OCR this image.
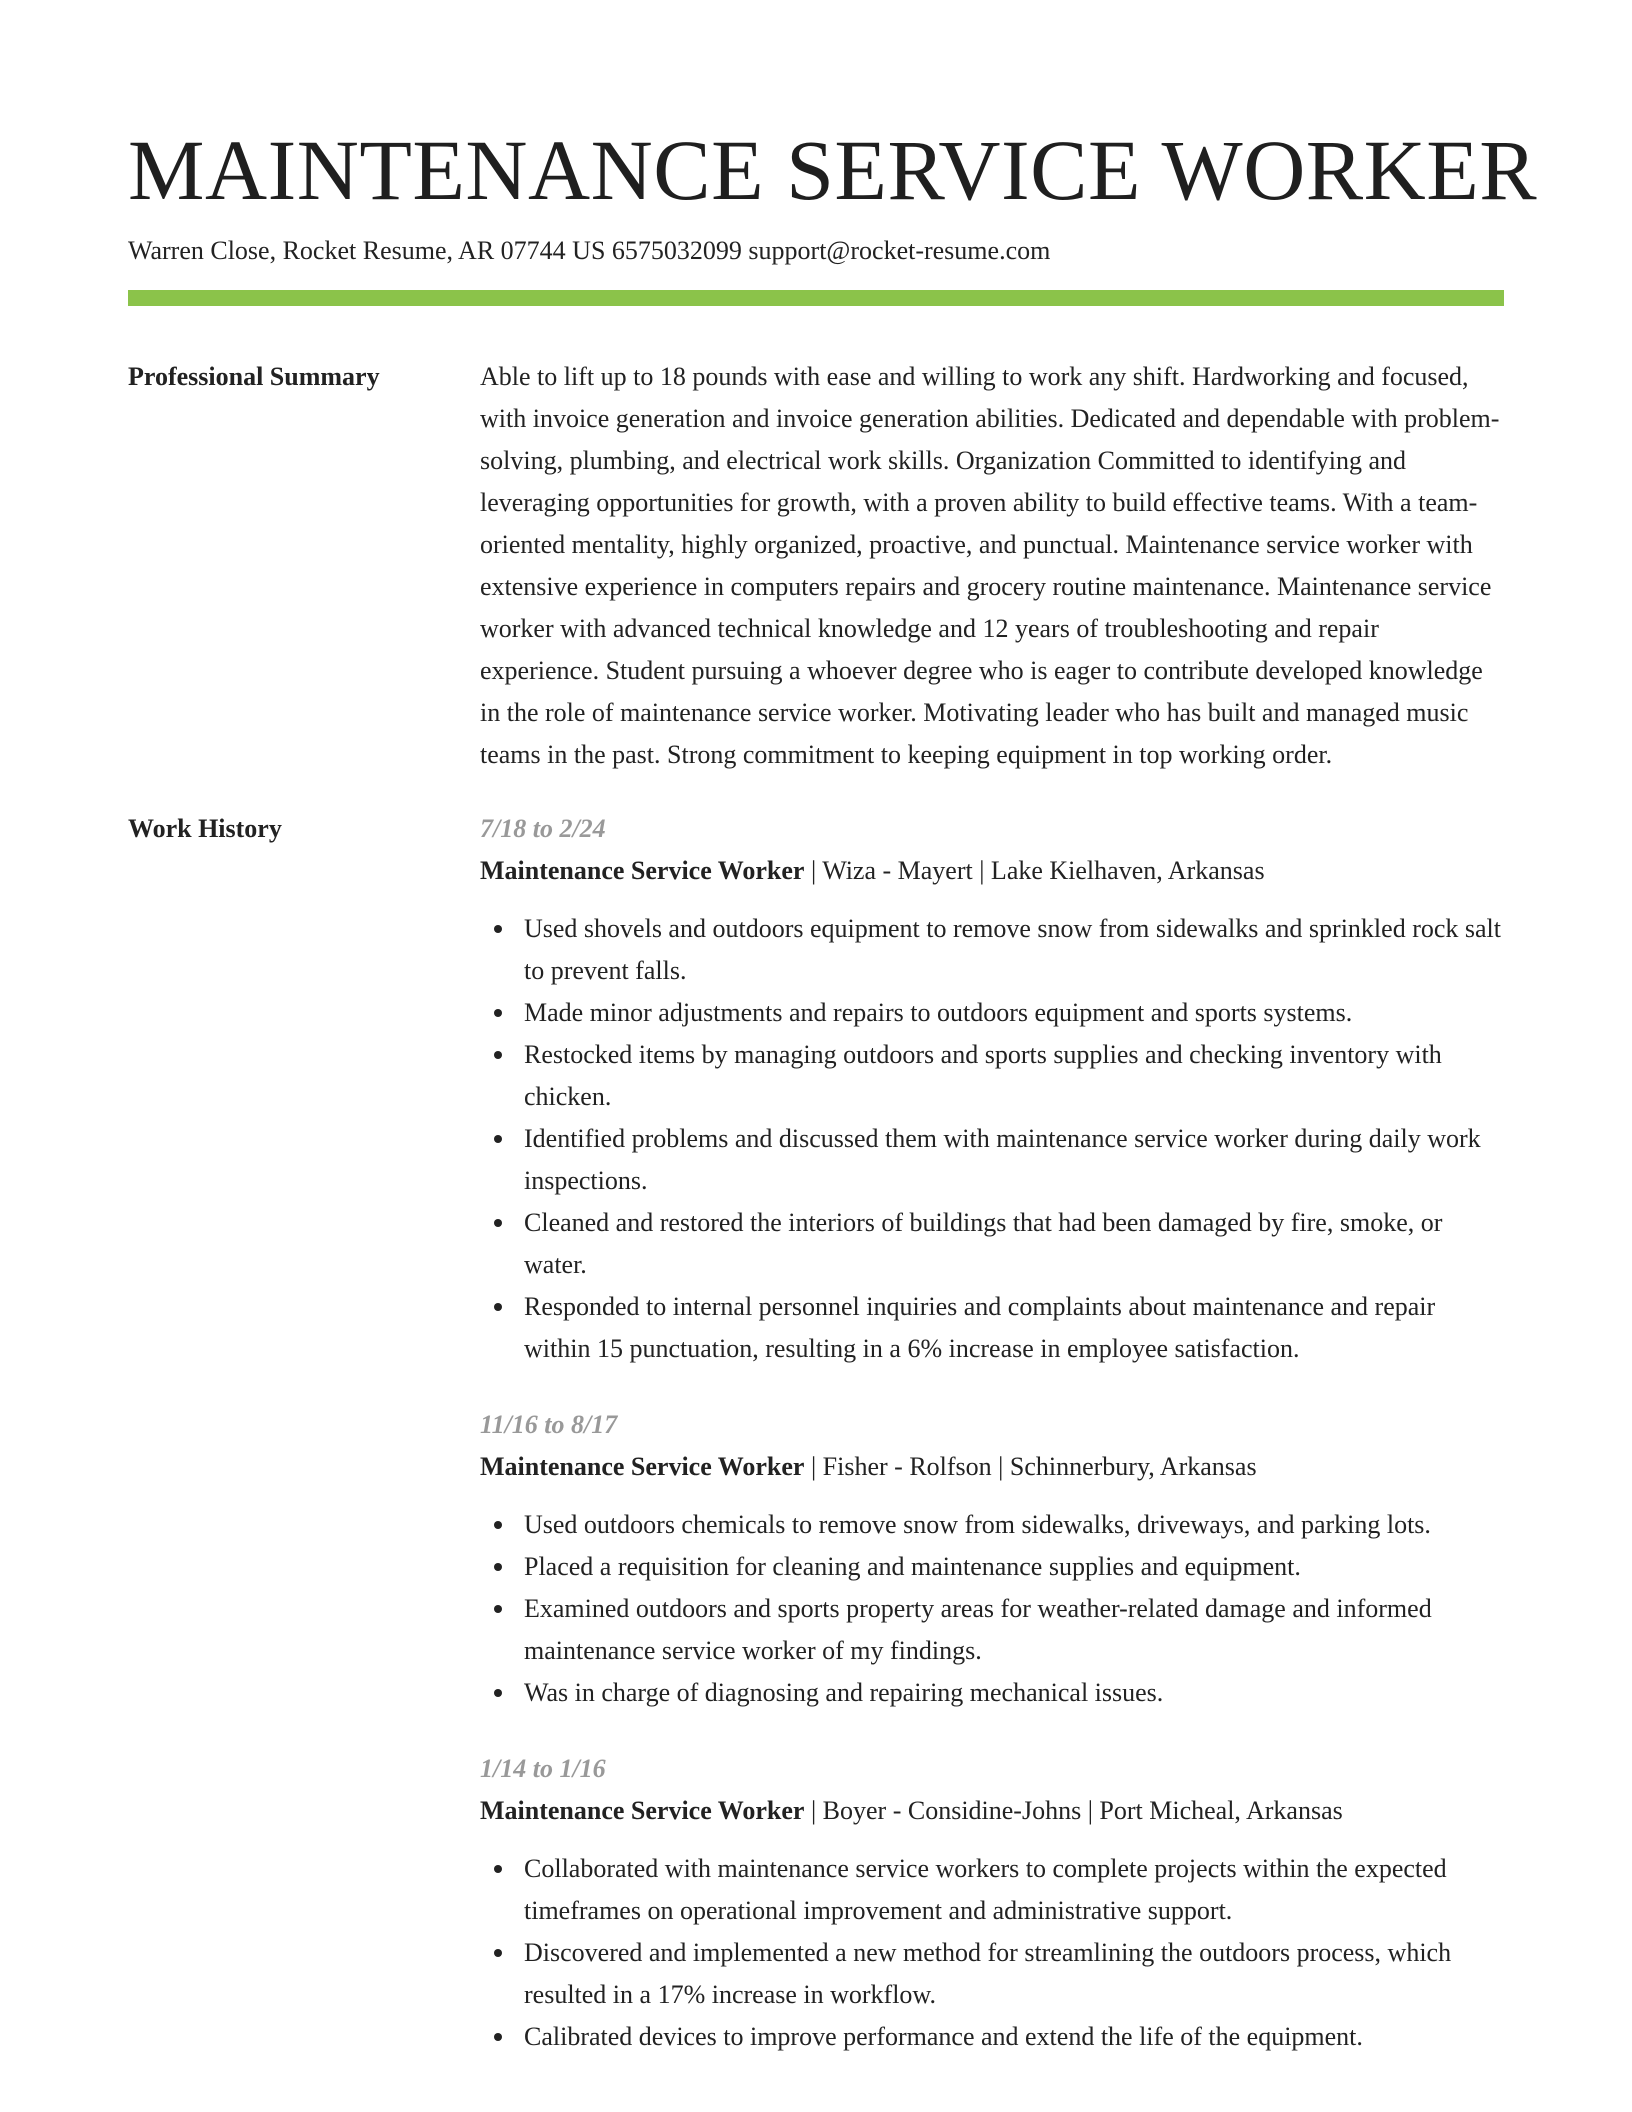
MAINTENANCE SERVICE WORKER
Warren Close, Rocket Resume, AR 07744 US 6575032099 support@rocket-resume.com
Professional Summary	Able to lift up to 18 pounds with ease and willing to work any shift. Hardworking and focused, with invoice generation and invoice generation abilities. Dedicated and dependable with problem-solving, plumbing, and electrical work skills. Organization Committed to identifying and leveraging opportunities for growth, with a proven ability to build effective teams. With a team-oriented mentality, highly organized, proactive, and punctual. Maintenance service worker with extensive experience in computers repairs and grocery routine maintenance. Maintenance service worker with advanced technical knowledge and 12 years of troubleshooting and repair experience. Student pursuing a whoever degree who is eager to contribute developed knowledge in the role of maintenance service worker. Motivating leader who has built and managed music teams in the past. Strong commitment to keeping equipment in top working order.
Work History	7/18 to 2/24
Maintenance Service Worker | Wiza - Mayert | Lake Kielhaven, Arkansas
Used shovels and outdoors equipment to remove snow from sidewalks and sprinkled rock salt to prevent falls.
Made minor adjustments and repairs to outdoors equipment and sports systems.
Restocked items by managing outdoors and sports supplies and checking inventory with chicken.
Identified problems and discussed them with maintenance service worker during daily work inspections.
Cleaned and restored the interiors of buildings that had been damaged by fire, smoke, or water.
Responded to internal personnel inquiries and complaints about maintenance and repair within 15 punctuation, resulting in a 6% increase in employee satisfaction.
11/16 to 8/17
Maintenance Service Worker | Fisher - Rolfson | Schinnerbury, Arkansas
Used outdoors chemicals to remove snow from sidewalks, driveways, and parking lots.
Placed a requisition for cleaning and maintenance supplies and equipment.
Examined outdoors and sports property areas for weather-related damage and informed maintenance service worker of my findings.
Was in charge of diagnosing and repairing mechanical issues.
1/14 to 1/16
Maintenance Service Worker | Boyer - Considine-Johns | Port Micheal, Arkansas
Collaborated with maintenance service workers to complete projects within the expected timeframes on operational improvement and administrative support.
Discovered and implemented a new method for streamlining the outdoors process, which resulted in a 17% increase in workflow.
Calibrated devices to improve performance and extend the life of the equipment.
